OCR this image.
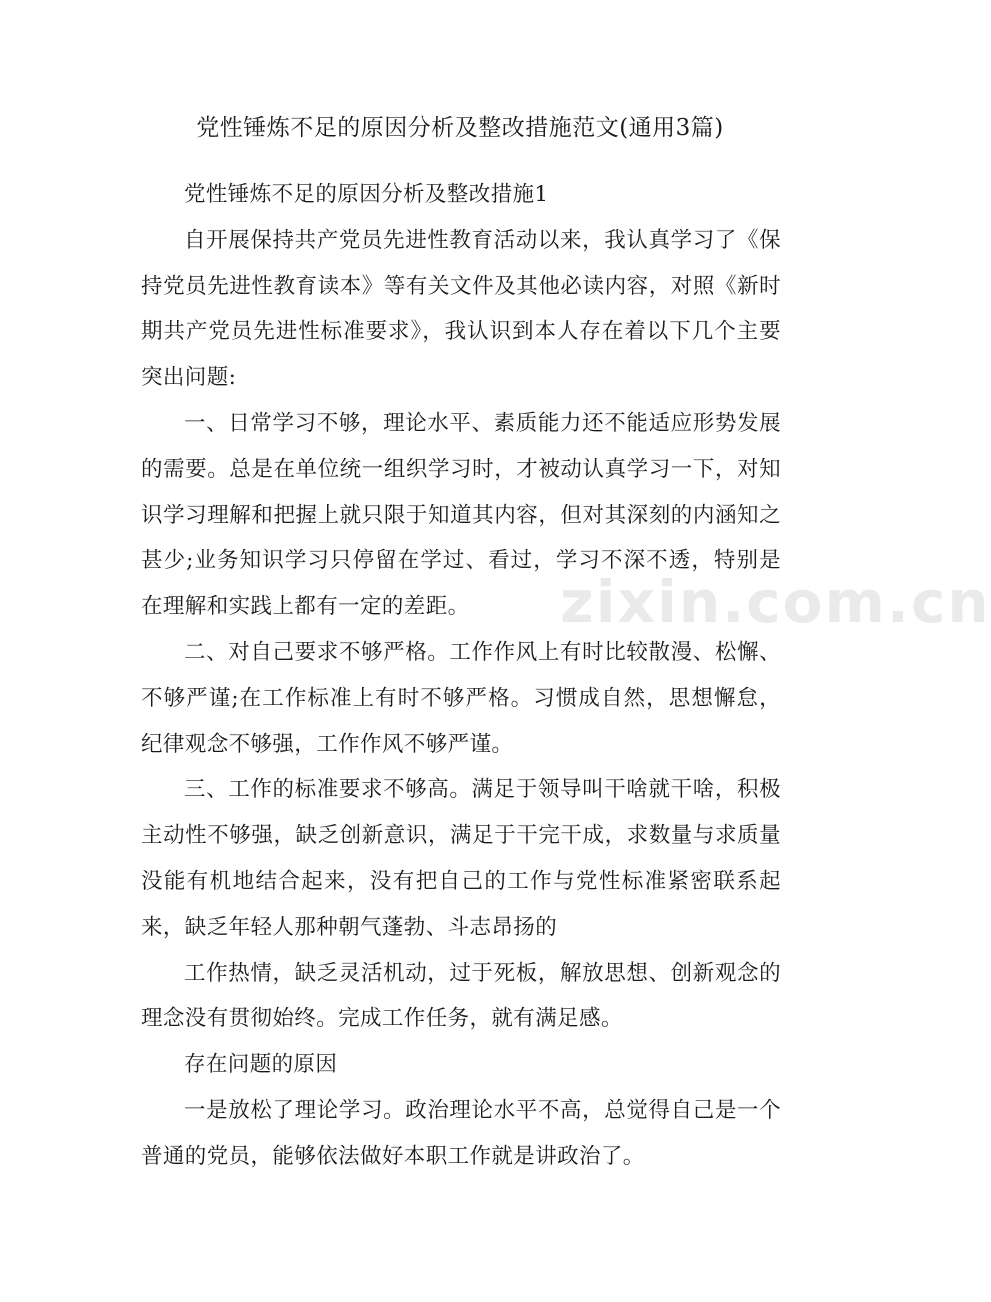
党性锤炼不足的原因分析及整改措施范文(通用3篇)

党性锤炼不足的原因分析及整改措施1

自开展保持共产党员先进性教育活动以来，我认真学习了《保持党员先进性教育读本》等有关文件及其他必读内容，对照《新时期共产党员先进性标准要求》，我认识到本人存在着以下几个主要突出问题:

一、日常学习不够，理论水平、素质能力还不能适应形势发展的需要。总是在单位统一组织学习时，才被动认真学习一下，对知识学习理解和把握上就只限于知道其内容，但对其深刻的内涵知之甚少;业务知识学习只停留在学过、看过，学习不深不透，特别是在理解和实践上都有一定的差距。

二、对自己要求不够严格。工作作风上有时比较散漫、松懈、不够严谨;在工作标准上有时不够严格。习惯成自然，思想懈怠，纪律观念不够强，工作作风不够严谨。

三、工作的标准要求不够高。满足于领导叫干啥就干啥，积极主动性不够强，缺乏创新意识，满足于干完干成，求数量与求质量没能有机地结合起来，没有把自己的工作与党性标准紧密联系起来，缺乏年轻人那种朝气蓬勃、斗志昂扬的

工作热情，缺乏灵活机动，过于死板，解放思想、创新观念的理念没有贯彻始终。完成工作任务，就有满足感。

存在问题的原因

一是放松了理论学习。政治理论水平不高，总觉得自己是一个普通的党员，能够依法做好本职工作就是讲政治了。

zixin.com.cn
